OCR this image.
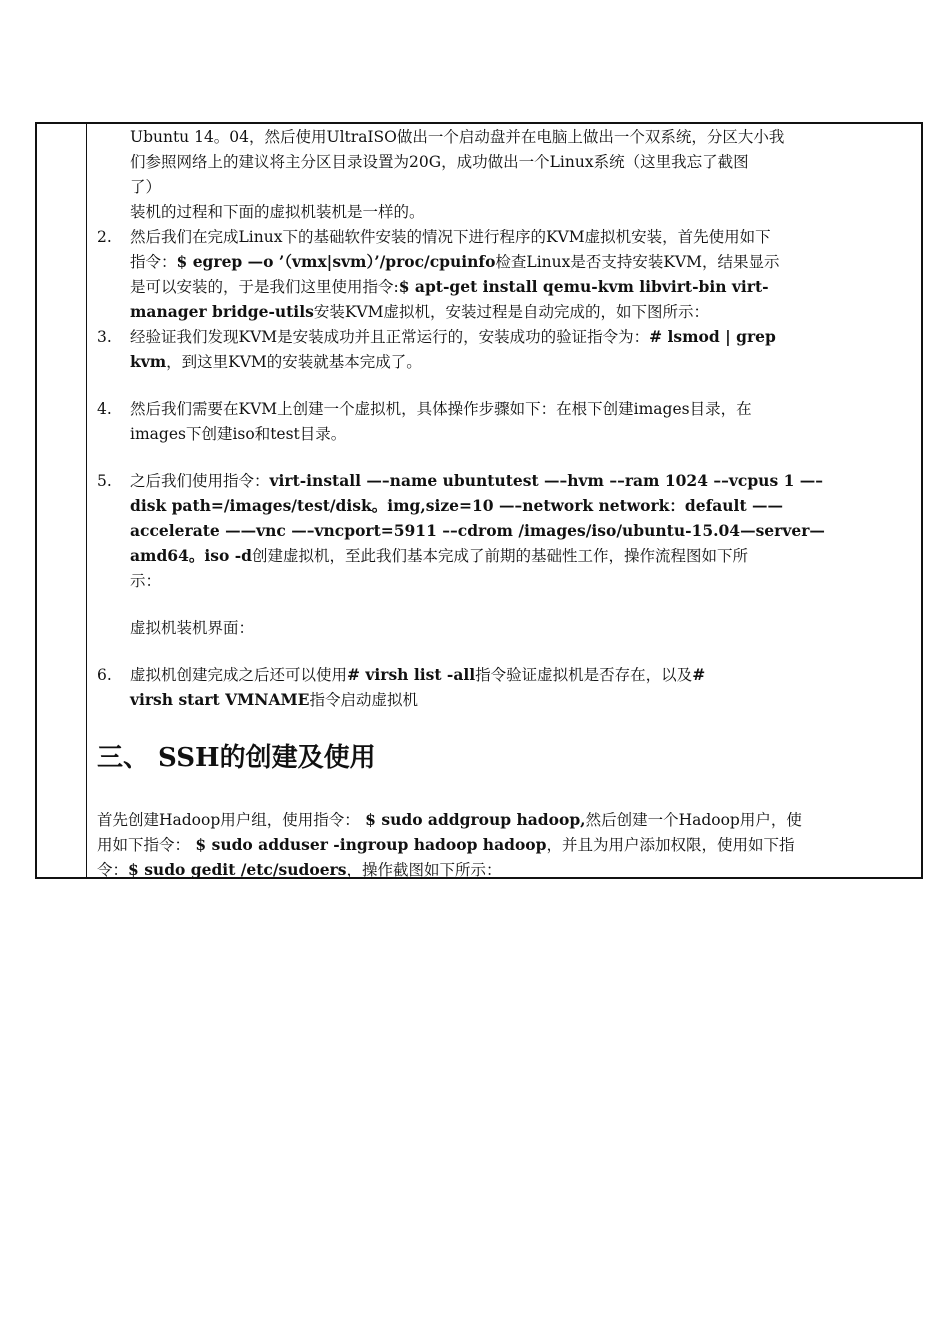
Ubuntu 14。04，然后使用UltraISO做出一个启动盘并在电脑上做出一个双系统，分区大小我
们参照网络上的建议将主分区目录设置为20G，成功做出一个Linux系统（这里我忘了截图
了）
装机的过程和下面的虚拟机装机是一样的。
2. 然后我们在完成Linux下的基础软件安装的情况下进行程序的KVM虚拟机安装，首先使用如下
指令：$ egrep —o ’（vmx|svm）’/proc/cpuinfo检查Linux是否支持安装KVM，结果显示
是可以安装的，于是我们这里使用指令:$ apt-get install qemu-kvm libvirt-bin virt-
manager bridge-utils安装KVM虚拟机，安装过程是自动完成的，如下图所示：
3. 经验证我们发现KVM是安装成功并且正常运行的，安装成功的验证指令为：# lsmod | grep
kvm，到这里KVM的安装就基本完成了。
4. 然后我们需要在KVM上创建一个虚拟机，具体操作步骤如下：在根下创建images目录，在
images下创建iso和test目录。
5. 之后我们使用指令：virt-install —–name ubuntutest —–hvm ––ram 1024 ––vcpus 1 —–
disk path=/images/test/disk。img,size=10 —–network network：default ——
accelerate ——vnc —–vncport=5911 ––cdrom /images/iso/ubuntu-15.04—server—
amd64。iso -d创建虚拟机，至此我们基本完成了前期的基础性工作，操作流程图如下所
示：
虚拟机装机界面：
6. 虚拟机创建完成之后还可以使用# virsh list -all指令验证虚拟机是否存在，以及#
virsh start VMNAME指令启动虚拟机
三、 SSH的创建及使用
首先创建Hadoop用户组，使用指令： $ sudo addgroup hadoop,然后创建一个Hadoop用户，使
用如下指令： $ sudo adduser -ingroup hadoop hadoop，并且为用户添加权限，使用如下指
令：$ sudo gedit /etc/sudoers，操作截图如下所示：
